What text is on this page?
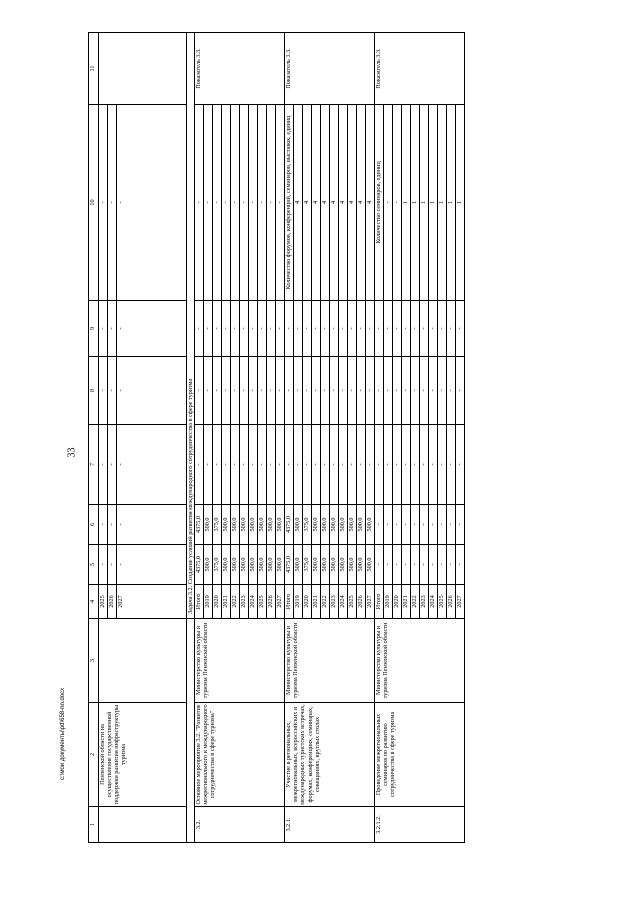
33
c:\мои документы\pd\658-nn.docx
1	2	3	4	5	6	7	8	9	10	11
	Пензенской области на осуществление государственной поддержки развития инфраструктуры туризма		2025	-	-	-	-	-	-	
			2026	-	-	-	-	-	-	
			2027	-	-	-	-	-	-	
			Задача 3.2. Создание условий развития международного сотрудничества в сфере туризма							
3.2.	Основное мероприятие 3.2. "Развитие межрегионального и международного сотрудничества в сфере туризма"	Министерство культуры и туризма Пензенской области	Итого	4375,0	4375,0	-	-	-	-	Показатель 3.3.
			2019	500,0	500,0	-	-	-	-	
			2020	375,0	375,0	-	-	-	-	
			2021	500,0	500,0	-	-	-	-	
			2022	500,0	500,0	-	-	-	-	
			2023	500,0	500,0	-	-	-	-	
			2024	500,0	500,0	-	-	-	-	
			2025	500,0	500,0	-	-	-	-	
			2026	500,0	500,0	-	-	-	-	
			2027	500,0	500,0	-	-	-	-	
3.2.1.	Участие в региональных, межрегиональных, всероссийских и международных туристских встречах, форумах, конференциях, семинарах, совещаниях, круглых столах	Министерство культуры и туризма Пензенской области	Итого	4375,0	4375,0	-	-	-	Количество форумов, конференций, семинаров, выставок, единиц	Показатель 3.3.
			2019	500,0	500,0	-	-	-	4	
			2020	375,0	375,0	-	-	-	4	
			2021	500,0	500,0	-	-	-	4	
			2022	500,0	500,0	-	-	-	4	
			2023	500,0	500,0	-	-	-	4	
			2024	500,0	500,0	-	-	-	4	
			2025	500,0	500,0	-	-	-	4	
			2026	500,0	500,0	-	-	-	4	
			2027	500,0	500,0	-	-	-	4	
3.2.1.2.	Проведение межрегиональных семинаров по развитию сотрудничества в сфере туризма	Министерство культуры и туризма Пензенской области	Итого	-	-	-	-	-	Количество семинаров, единиц	Показатель 3.3.
			2019	-	-	-	-	-	-	
			2020	-	-	-	-	-	-	
			2021	-	-	-	-	-	1	
			2022	-	-	-	-	-	1	
			2023	-	-	-	-	-	1	
			2024	-	-	-	-	-	1	
			2025	-	-	-	-	-	1	
			2026	-	-	-	-	-	1	
			2027	-	-	-	-	-	1	
